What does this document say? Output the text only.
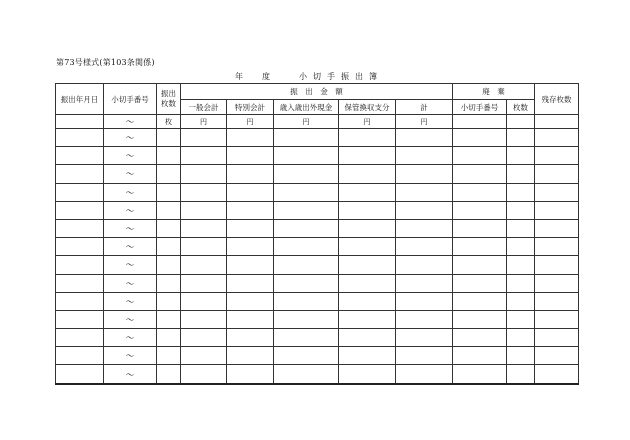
第73号様式(第103条関係)
年 度	小切手振出簿
振出年月日	小切手番号	振出枚数	振　出　金　額					廃　棄		残存枚数
			一般会計	特別会計	歳入歳出外現金	保管換収支分	計	小切手番号	枚数	
	～	枚	円	円	円	円	円			
	～									
	～									
	～									
	～									
	～									
	～									
	～									
	～									
	～									
	～									
	～									
	～									
	～									
	～									
